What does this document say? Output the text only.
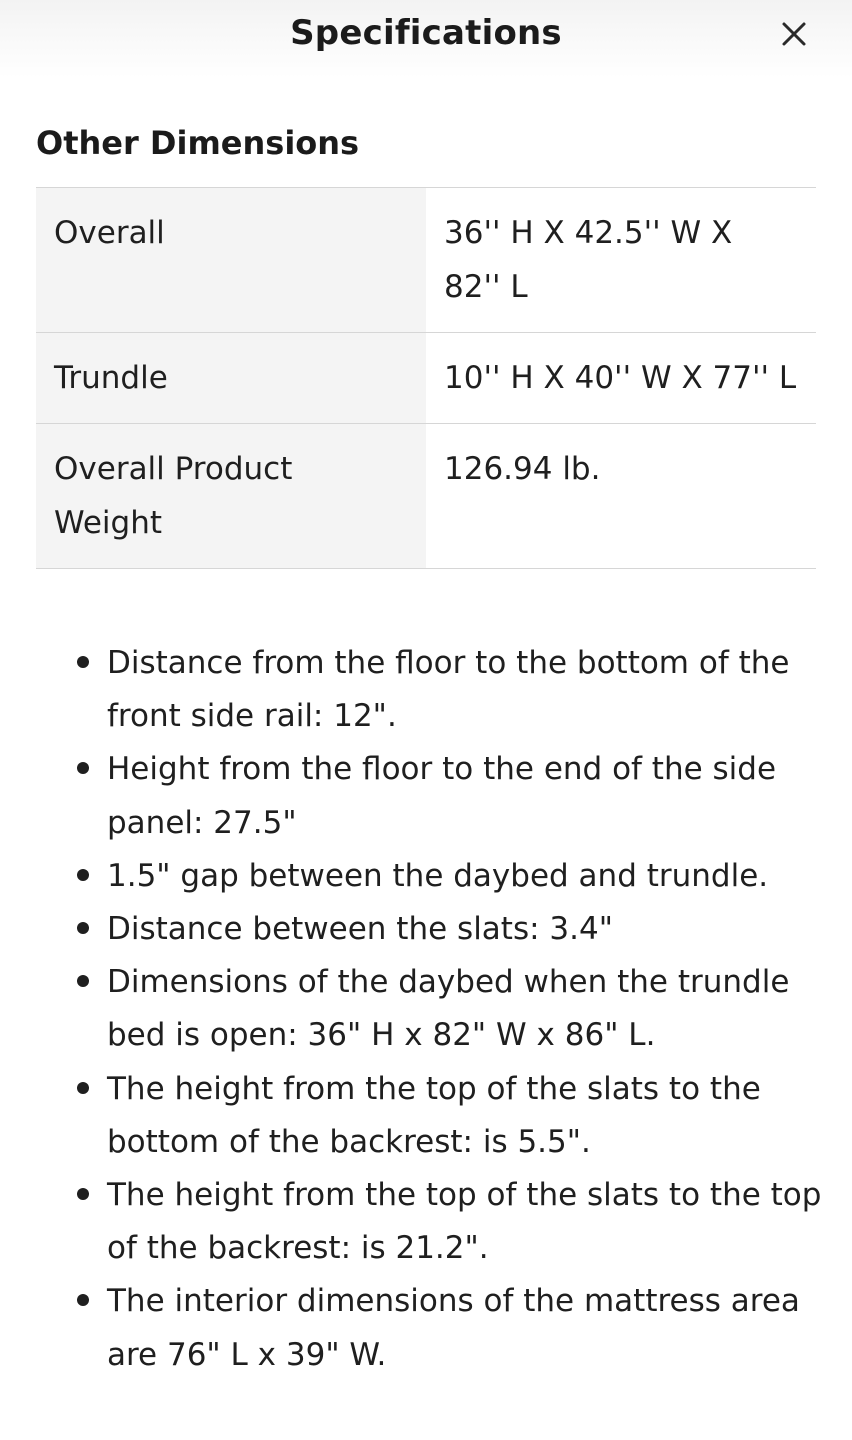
Specifications
Other Dimensions
Overall	36'' H X 42.5'' W X 82'' L
Trundle	10'' H X 40'' W X 77'' L
Overall Product Weight	126.94 lb.
Distance from the floor to the bottom of the front side rail: 12".
Height from the floor to the end of the side panel: 27.5"
1.5" gap between the daybed and trundle.
Distance between the slats: 3.4"
Dimensions of the daybed when the trundle bed is open: 36" H x 82" W x 86" L.
The height from the top of the slats to the bottom of the backrest: is 5.5".
The height from the top of the slats to the top of the backrest: is 21.2".
The interior dimensions of the mattress area are 76" L x 39" W.
